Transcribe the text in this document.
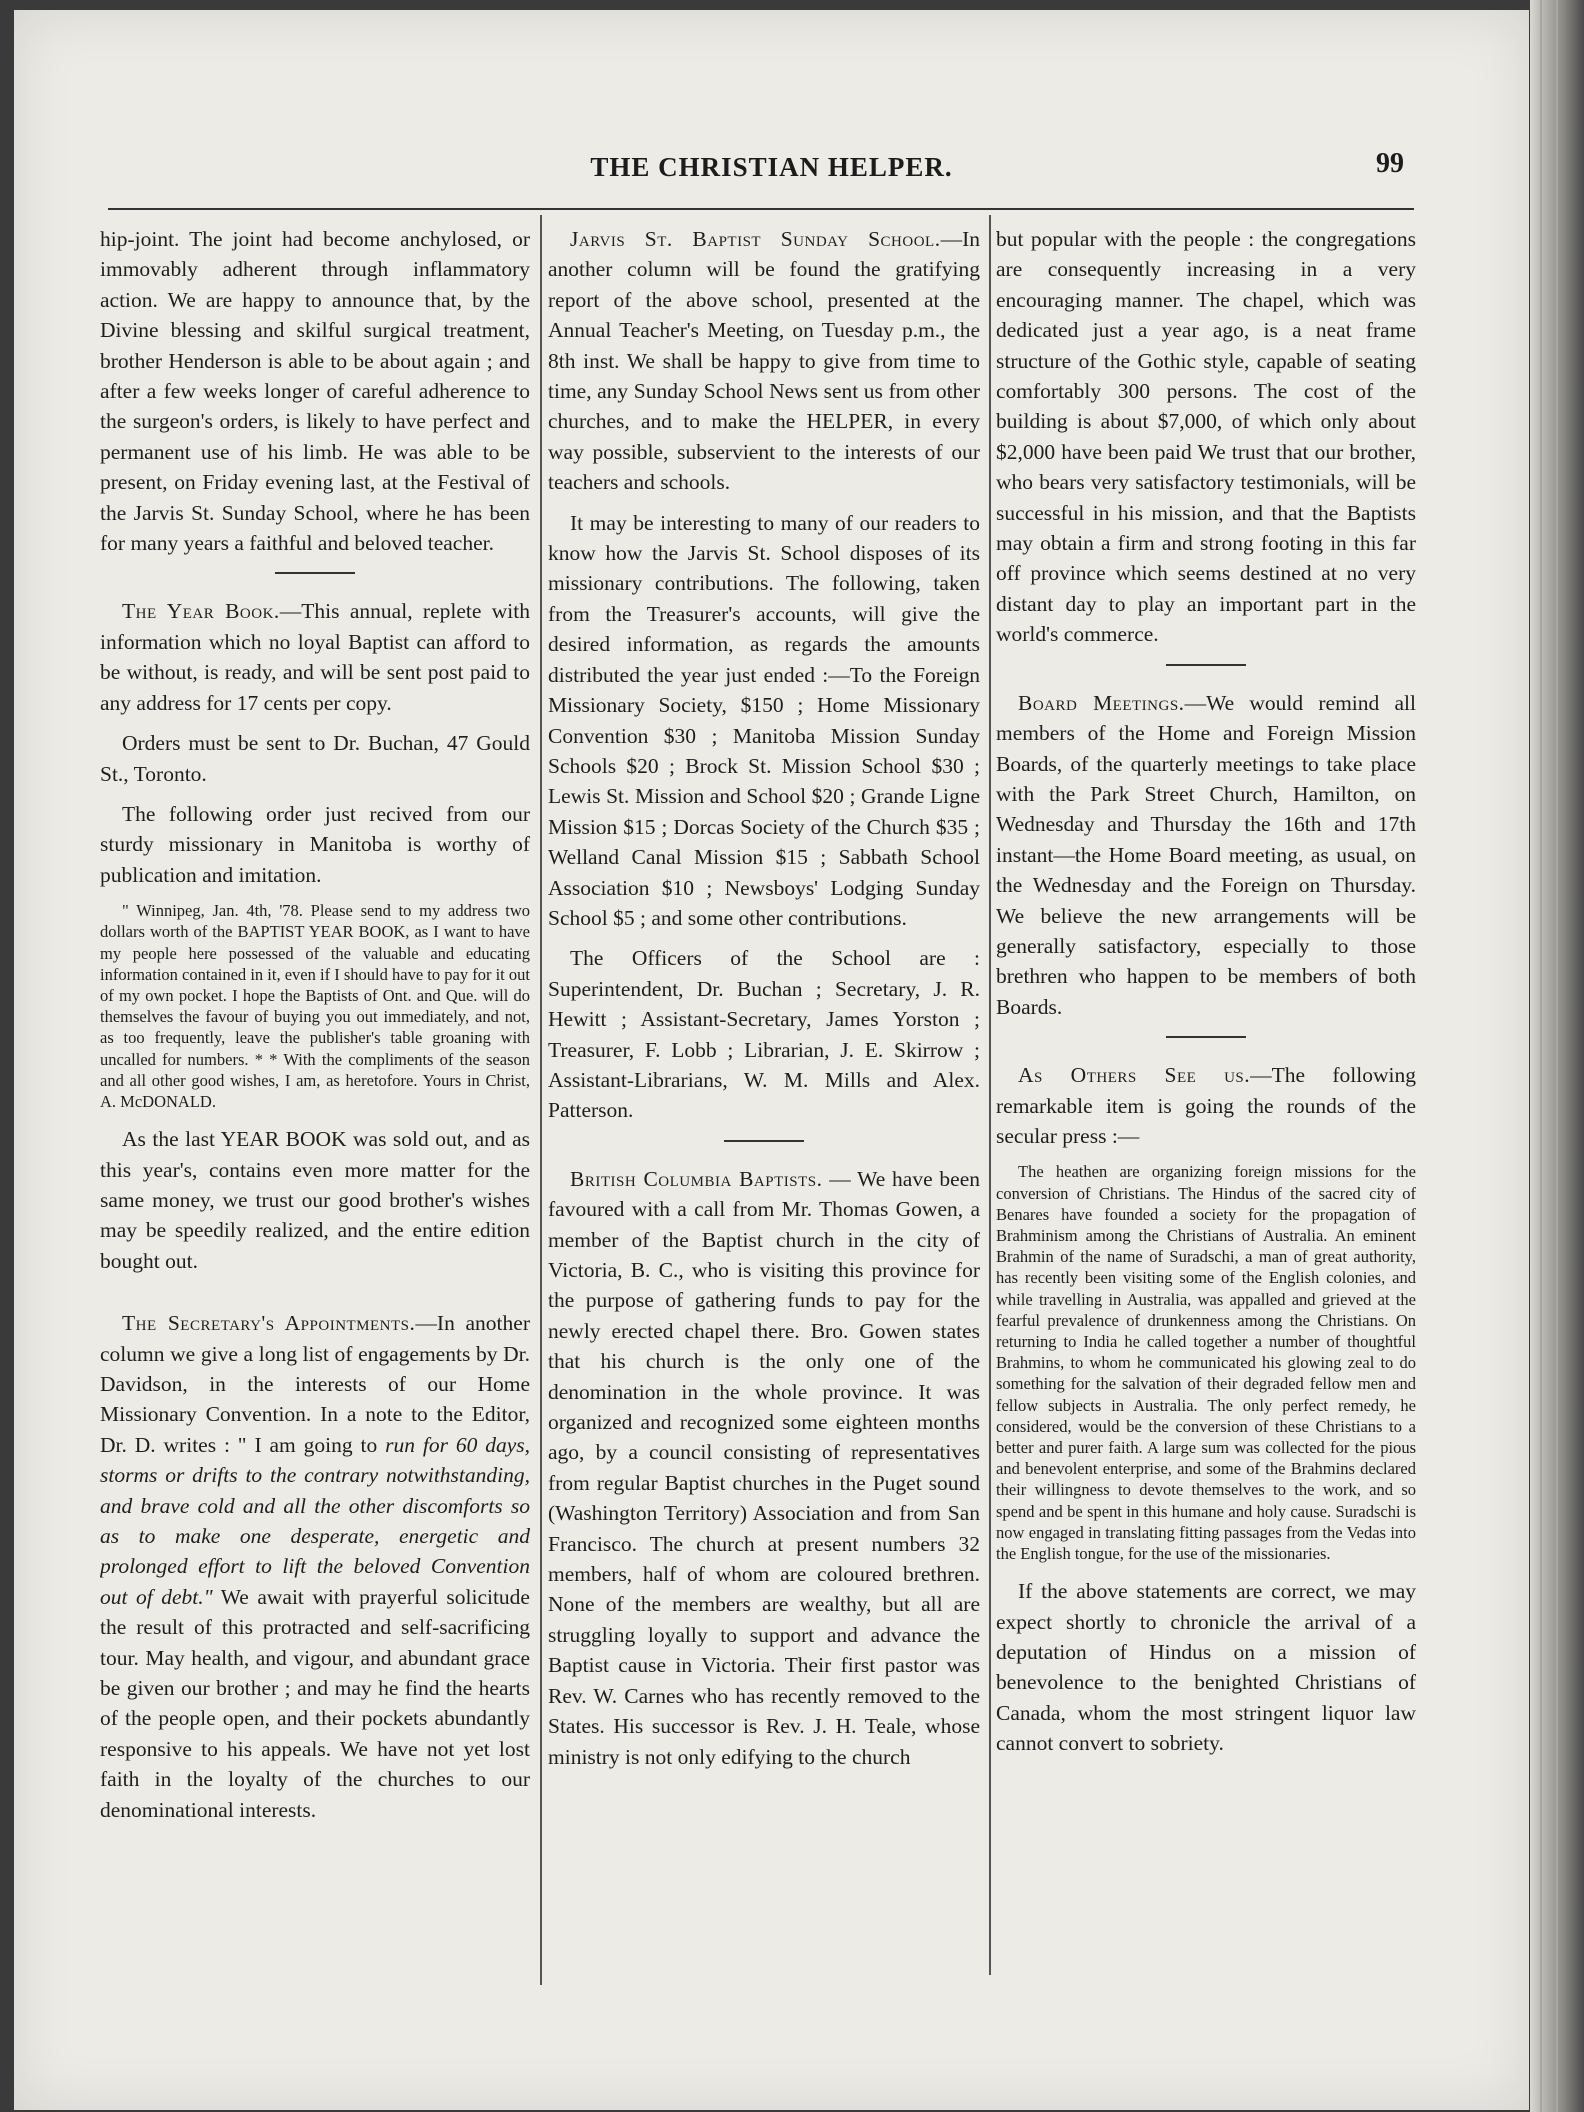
THE CHRISTIAN HELPER.	99

hip-joint. The joint had become anchylosed, or immovably adherent through inflammatory action. We are happy to announce that, by the Divine blessing and skilful surgical treatment, brother Henderson is able to be about again ; and after a few weeks longer of careful adherence to the surgeon's orders, is likely to have perfect and permanent use of his limb. He was able to be present, on Friday evening last, at the Festival of the Jarvis St. Sunday School, where he has been for many years a faithful and beloved teacher.

The Year Book.—This annual, replete with information which no loyal Baptist can afford to be without, is ready, and will be sent post paid to any address for 17 cents per copy.

Orders must be sent to Dr. Buchan, 47 Gould St., Toronto.

The following order just recived from our sturdy missionary in Manitoba is worthy of publication and imitation.

" Winnipeg, Jan. 4th, '78. Please send to my address two dollars worth of the BAPTIST YEAR BOOK, as I want to have my people here possessed of the valuable and educating information contained in it, even if I should have to pay for it out of my own pocket. I hope the Baptists of Ont. and Que. will do themselves the favour of buying you out immediately, and not, as too frequently, leave the publisher's table groaning with uncalled for numbers. * * With the compliments of the season and all other good wishes, I am, as heretofore. Yours in Christ, A. McDONALD.

As the last YEAR BOOK was sold out, and as this year's, contains even more matter for the same money, we trust our good brother's wishes may be speedily realized, and the entire edition bought out.

The Secretary's Appointments.—In another column we give a long list of engagements by Dr. Davidson, in the interests of our Home Missionary Convention. In a note to the Editor, Dr. D. writes : " I am going to run for 60 days, storms or drifts to the contrary notwithstanding, and brave cold and all the other discomforts so as to make one desperate, energetic and prolonged effort to lift the beloved Convention out of debt." We await with prayerful solicitude the result of this protracted and self-sacrificing tour. May health, and vigour, and abundant grace be given our brother ; and may he find the hearts of the people open, and their pockets abundantly responsive to his appeals. We have not yet lost faith in the loyalty of the churches to our denominational interests.

Jarvis St. Baptist Sunday School.—In another column will be found the gratifying report of the above school, presented at the Annual Teacher's Meeting, on Tuesday p.m., the 8th inst. We shall be happy to give from time to time, any Sunday School News sent us from other churches, and to make the HELPER, in every way possible, subservient to the interests of our teachers and schools.

It may be interesting to many of our readers to know how the Jarvis St. School disposes of its missionary contributions. The following, taken from the Treasurer's accounts, will give the desired information, as regards the amounts distributed the year just ended :—To the Foreign Missionary Society, $150 ; Home Missionary Convention $30 ; Manitoba Mission Sunday Schools $20 ; Brock St. Mission School $30 ; Lewis St. Mission and School $20 ; Grande Ligne Mission $15 ; Dorcas Society of the Church $35 ; Welland Canal Mission $15 ; Sabbath School Association $10 ; Newsboys' Lodging Sunday School $5 ; and some other contributions.

The Officers of the School are : Superintendent, Dr. Buchan ; Secretary, J. R. Hewitt ; Assistant-Secretary, James Yorston ; Treasurer, F. Lobb ; Librarian, J. E. Skirrow ; Assistant-Librarians, W. M. Mills and Alex. Patterson.

British Columbia Baptists. — We have been favoured with a call from Mr. Thomas Gowen, a member of the Baptist church in the city of Victoria, B. C., who is visiting this province for the purpose of gathering funds to pay for the newly erected chapel there. Bro. Gowen states that his church is the only one of the denomination in the whole province. It was organized and recognized some eighteen months ago, by a council consisting of representatives from regular Baptist churches in the Puget sound (Washington Territory) Association and from San Francisco. The church at present numbers 32 members, half of whom are coloured brethren. None of the members are wealthy, but all are struggling loyally to support and advance the Baptist cause in Victoria. Their first pastor was Rev. W. Carnes who has recently removed to the States. His successor is Rev. J. H. Teale, whose ministry is not only edifying to the church

but popular with the people : the congregations are consequently increasing in a very encouraging manner. The chapel, which was dedicated just a year ago, is a neat frame structure of the Gothic style, capable of seating comfortably 300 persons. The cost of the building is about $7,000, of which only about $2,000 have been paid We trust that our brother, who bears very satisfactory testimonials, will be successful in his mission, and that the Baptists may obtain a firm and strong footing in this far off province which seems destined at no very distant day to play an important part in the world's commerce.

Board Meetings.—We would remind all members of the Home and Foreign Mission Boards, of the quarterly meetings to take place with the Park Street Church, Hamilton, on Wednesday and Thursday the 16th and 17th instant—the Home Board meeting, as usual, on the Wednesday and the Foreign on Thursday. We believe the new arrangements will be generally satisfactory, especially to those brethren who happen to be members of both Boards.

As Others See us.—The following remarkable item is going the rounds of the secular press :—

The heathen are organizing foreign missions for the conversion of Christians. The Hindus of the sacred city of Benares have founded a society for the propagation of Brahminism among the Christians of Australia. An eminent Brahmin of the name of Suradschi, a man of great authority, has recently been visiting some of the English colonies, and while travelling in Australia, was appalled and grieved at the fearful prevalence of drunkenness among the Christians. On returning to India he called together a number of thoughtful Brahmins, to whom he communicated his glowing zeal to do something for the salvation of their degraded fellow men and fellow subjects in Australia. The only perfect remedy, he considered, would be the conversion of these Christians to a better and purer faith. A large sum was collected for the pious and benevolent enterprise, and some of the Brahmins declared their willingness to devote themselves to the work, and so spend and be spent in this humane and holy cause. Suradschi is now engaged in translating fitting passages from the Vedas into the English tongue, for the use of the missionaries.

If the above statements are correct, we may expect shortly to chronicle the arrival of a deputation of Hindus on a mission of benevolence to the benighted Christians of Canada, whom the most stringent liquor law cannot convert to sobriety.
